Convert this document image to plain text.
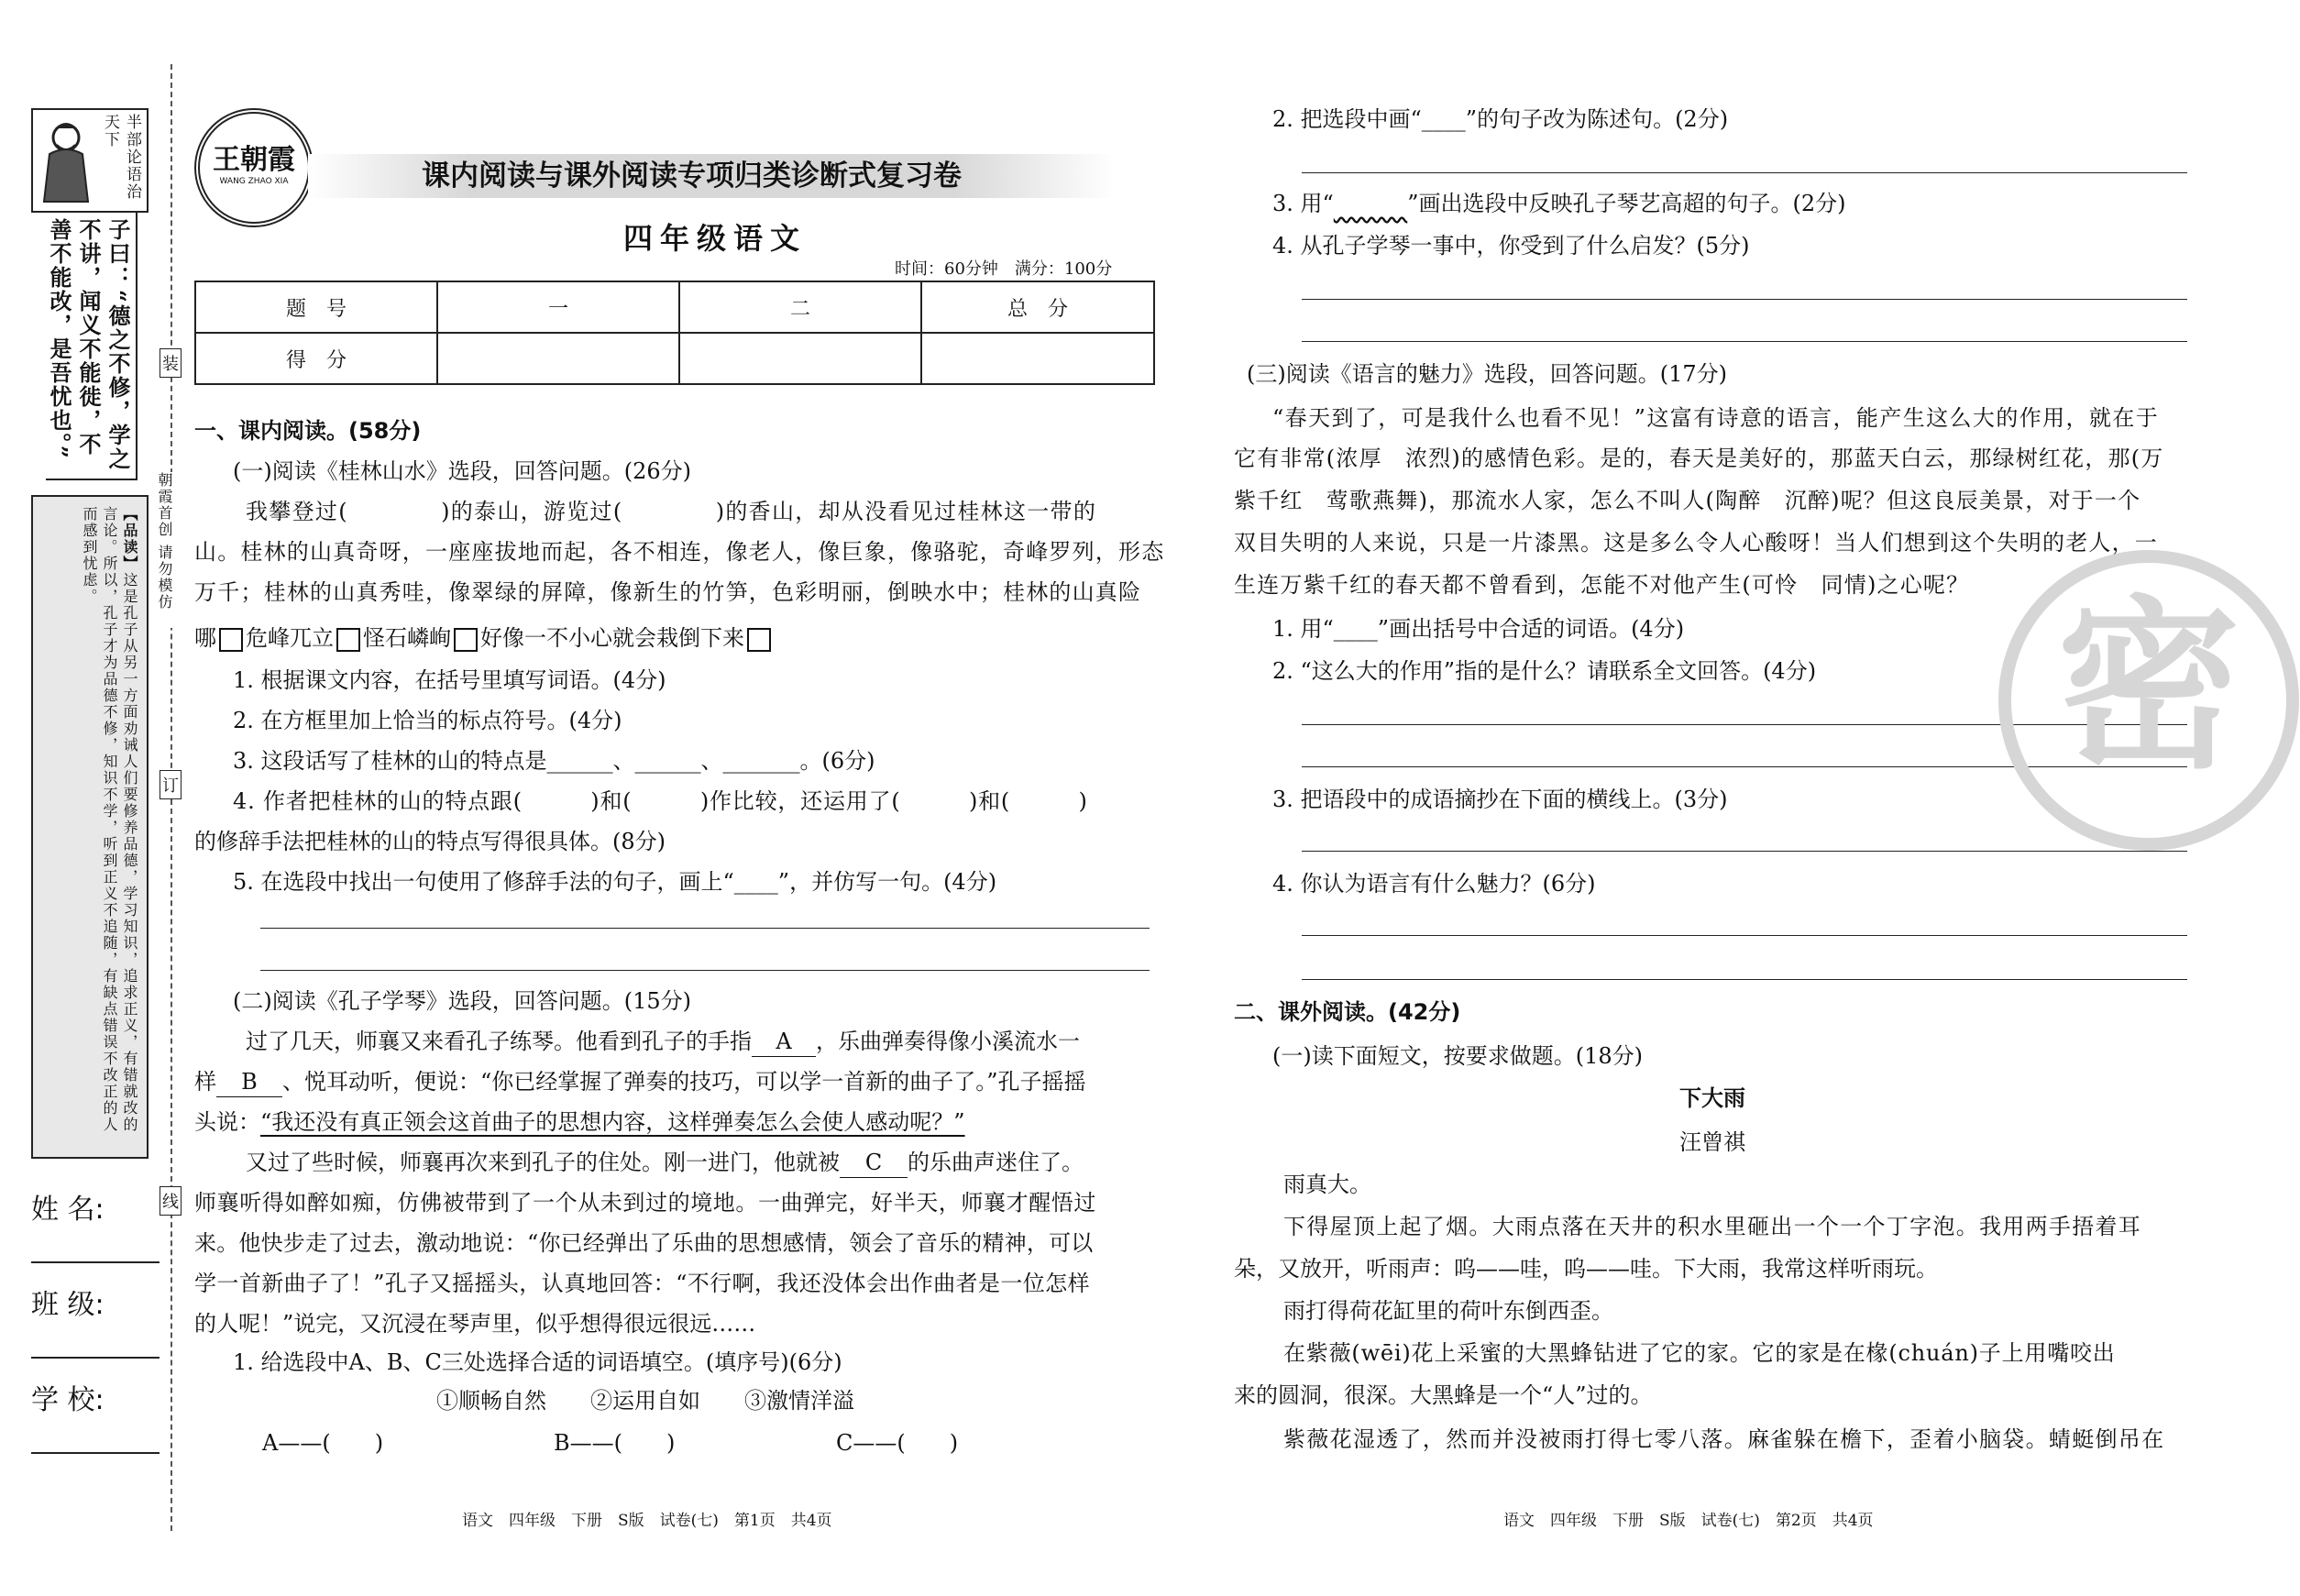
半部论语治天下
子曰：“德之不修，学之不讲，闻义不能徙，不善不能改，是吾忧也。”
【品读】这是孔子从另一方面劝诫人们要修养品德，学习知识，追求正义，有错就改的言论。所以，孔子才为品德不修，知识不学，听到正义不追随，有缺点错误不改正的人而感到忧虑。
姓 名:
班 级:
学 校:
装
朝霞首创 请勿模仿
订
线
王朝霞
WANG ZHAO XIA	课内阅读与课外阅读专项归类诊断式复习卷
四年级语文
时间：60分钟　满分：100分
题　号	一	二	总　分
得　分			
一、课内阅读。(58分)
(一)阅读《桂林山水》选段，回答问题。(26分)
我攀登过(　　　　)的泰山，游览过(　　　　)的香山，却从没看见过桂林这一带的
山。桂林的山真奇呀，一座座拔地而起，各不相连，像老人，像巨象，像骆驼，奇峰罗列，形态
万千；桂林的山真秀哇，像翠绿的屏障，像新生的竹笋，色彩明丽，倒映水中；桂林的山真险
哪 危峰兀立 怪石嶙峋 好像一不小心就会栽倒下来
1. 根据课文内容，在括号里填写词语。(4分)
2. 在方框里加上恰当的标点符号。(4分)
3. 这段话写了桂林的山的特点是______、______、_______。(6分)
4. 作者把桂林的山的特点跟(　　　)和(　　　)作比较，还运用了(　　　)和(　　　)
的修辞手法把桂林的山的特点写得很具体。(8分)
5. 在选段中找出一句使用了修辞手法的句子，画上“____”，并仿写一句。(4分)
(二)阅读《孔子学琴》选段，回答问题。(15分)
过了几天，师襄又来看孔子练琴。他看到孔子的手指 A ，乐曲弹奏得像小溪流水一
样 B 、悦耳动听，便说：“你已经掌握了弹奏的技巧，可以学一首新的曲子了。”孔子摇摇
头说：“我还没有真正领会这首曲子的思想内容，这样弹奏怎么会使人感动呢？”
又过了些时候，师襄再次来到孔子的住处。刚一进门，他就被 C 的乐曲声迷住了。
师襄听得如醉如痴，仿佛被带到了一个从未到过的境地。一曲弹完，好半天，师襄才醒悟过
来。他快步走了过去，激动地说：“你已经弹出了乐曲的思想感情，领会了音乐的精神，可以
学一首新曲子了！”孔子又摇摇头，认真地回答：“不行啊，我还没体会出作曲者是一位怎样
的人呢！”说完，又沉浸在琴声里，似乎想得很远很远……
1. 给选段中A、B、C三处选择合适的词语填空。(填序号)(6分)
①顺畅自然　　②运用自如　　③激情洋溢
A——(　　)	B——(　　)	C——(　　)
语文　四年级　下册　S版　试卷(七)　第1页　共4页
2. 把选段中画“____”的句子改为陈述句。(2分)
3. 用“	”画出选段中反映孔子琴艺高超的句子。(2分)
4. 从孔子学琴一事中，你受到了什么启发？(5分)
(三)阅读《语言的魅力》选段，回答问题。(17分)
“春天到了，可是我什么也看不见！”这富有诗意的语言，能产生这么大的作用，就在于
它有非常(浓厚　浓烈)的感情色彩。是的，春天是美好的，那蓝天白云，那绿树红花，那(万
紫千红　莺歌燕舞)，那流水人家，怎么不叫人(陶醉　沉醉)呢？但这良辰美景，对于一个
双目失明的人来说，只是一片漆黑。这是多么令人心酸呀！当人们想到这个失明的老人，一
生连万紫千红的春天都不曾看到，怎能不对他产生(可怜　同情)之心呢？
1. 用“____”画出括号中合适的词语。(4分)
2. “这么大的作用”指的是什么？请联系全文回答。(4分)
3. 把语段中的成语摘抄在下面的横线上。(3分)
4. 你认为语言有什么魅力？(6分)
二、课外阅读。(42分)
(一)读下面短文，按要求做题。(18分)
下大雨
汪曾祺
雨真大。
下得屋顶上起了烟。大雨点落在天井的积水里砸出一个一个丁字泡。我用两手捂着耳
朵，又放开，听雨声：呜——哇，呜——哇。下大雨，我常这样听雨玩。
雨打得荷花缸里的荷叶东倒西歪。
在紫薇(wēi)花上采蜜的大黑蜂钻进了它的家。它的家是在椽(chuán)子上用嘴咬出
来的圆洞，很深。大黑蜂是一个“人”过的。
紫薇花湿透了，然而并没被雨打得七零八落。麻雀躲在檐下，歪着小脑袋。蜻蜓倒吊在
语文　四年级　下册　S版　试卷(七)　第2页　共4页
密
